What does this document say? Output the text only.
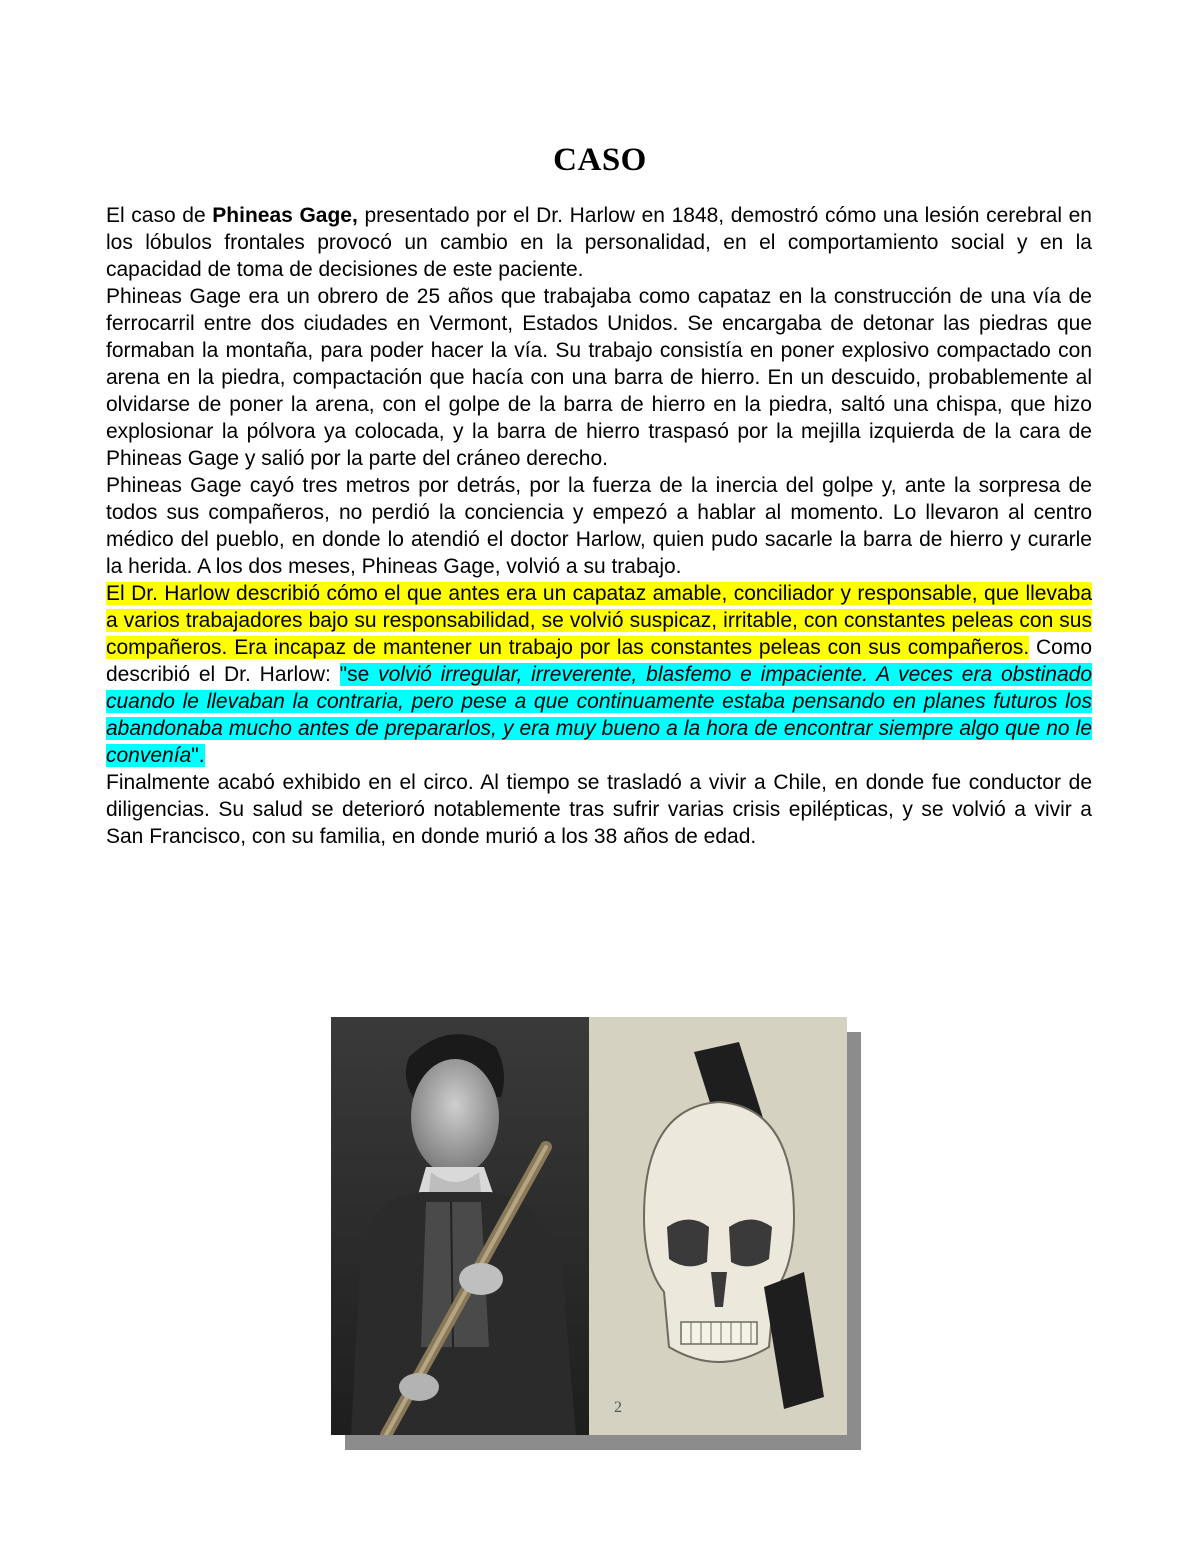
CASO

El caso de Phineas Gage, presentado por el Dr. Harlow en 1848, demostró cómo una lesión cerebral en los lóbulos frontales provocó un cambio en la personalidad, en el comportamiento social y en la capacidad de toma de decisiones de este paciente.

Phineas Gage era un obrero de 25 años que trabajaba como capataz en la construcción de una vía de ferrocarril entre dos ciudades en Vermont, Estados Unidos. Se encargaba de detonar las piedras que formaban la montaña, para poder hacer la vía. Su trabajo consistía en poner explosivo compactado con arena en la piedra, compactación que hacía con una barra de hierro. En un descuido, probablemente al olvidarse de poner la arena, con el golpe de la barra de hierro en la piedra, saltó una chispa, que hizo explosionar la pólvora ya colocada, y la barra de hierro traspasó por la mejilla izquierda de la cara de Phineas Gage y salió por la parte del cráneo derecho.

Phineas Gage cayó tres metros por detrás, por la fuerza de la inercia del golpe y, ante la sorpresa de todos sus compañeros, no perdió la conciencia y empezó a hablar al momento. Lo llevaron al centro médico del pueblo, en donde lo atendió el doctor Harlow, quien pudo sacarle la barra de hierro y curarle la herida. A los dos meses, Phineas Gage, volvió a su trabajo.

El Dr. Harlow describió cómo el que antes era un capataz amable, conciliador y responsable, que llevaba a varios trabajadores bajo su responsabilidad, se volvió suspicaz, irritable, con constantes peleas con sus compañeros. Era incapaz de mantener un trabajo por las constantes peleas con sus compañeros. Como describió el Dr. Harlow: "se volvió irregular, irreverente, blasfemo e impaciente. A veces era obstinado cuando le llevaban la contraria, pero pese a que continuamente estaba pensando en planes futuros los abandonaba mucho antes de prepararlos, y era muy bueno a la hora de encontrar siempre algo que no le convenía".

Finalmente acabó exhibido en el circo. Al tiempo se trasladó a vivir a Chile, en donde fue conductor de diligencias. Su salud se deterioró notablemente tras sufrir varias crisis epilépticas, y se volvió a vivir a San Francisco, con su familia, en donde murió a los 38 años de edad.

2
